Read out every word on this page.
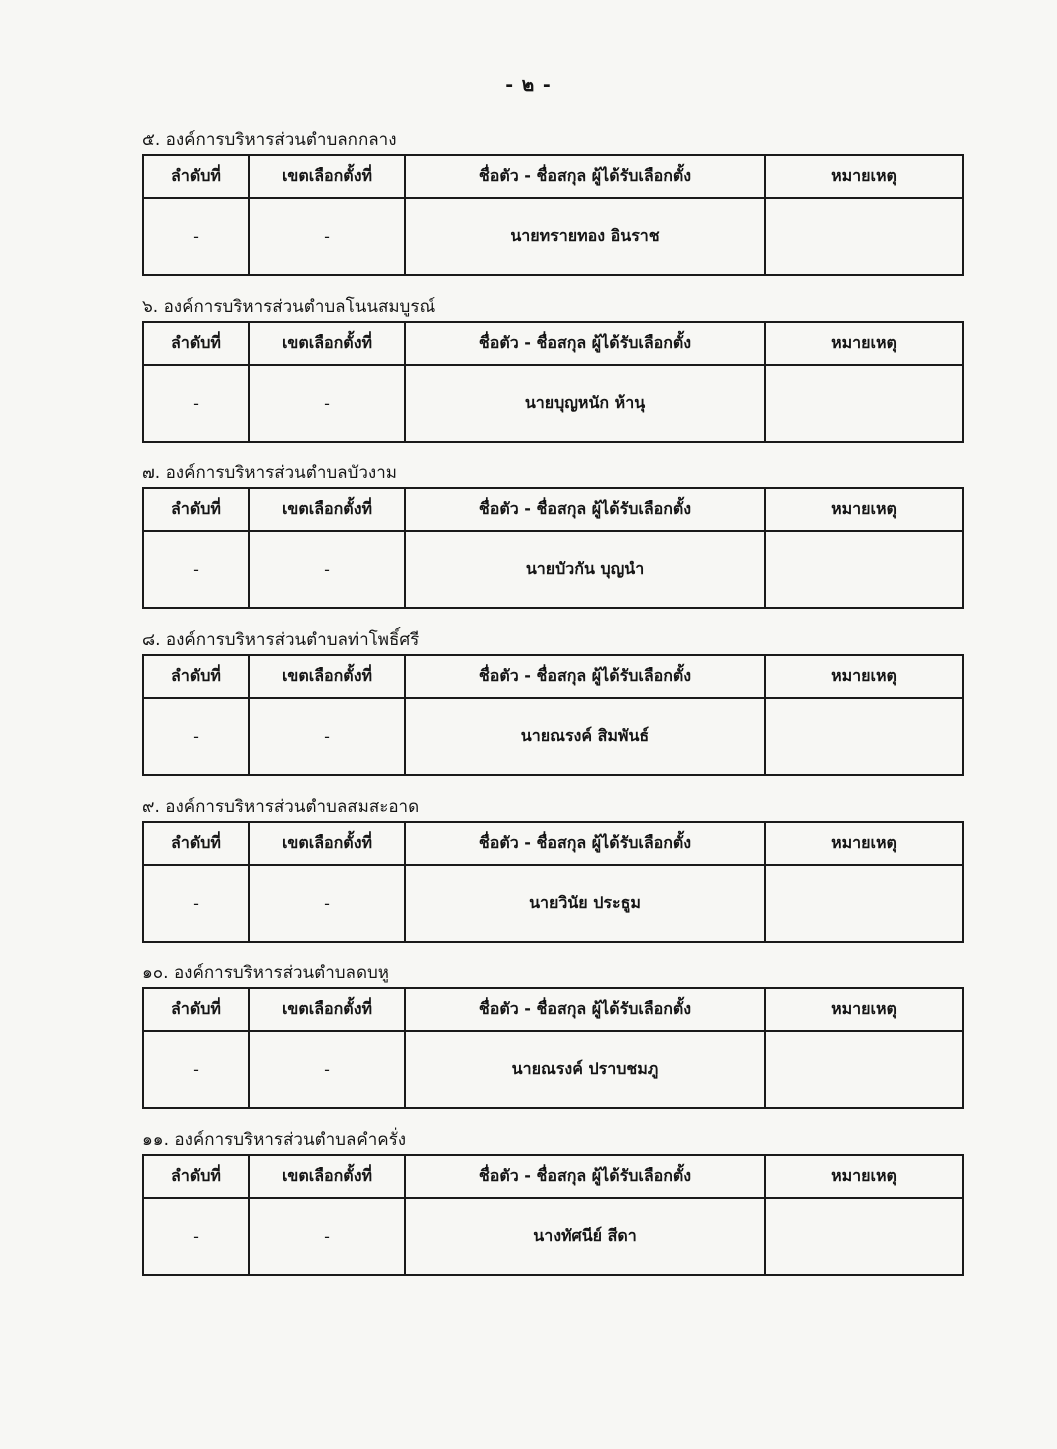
- ๒ -
๕. องค์การบริหารส่วนตำบลกกลาง
ลำดับที่	เขตเลือกตั้งที่	ชื่อตัว - ชื่อสกุล ผู้ได้รับเลือกตั้ง	หมายเหตุ
-	-	นายทรายทอง อินราช	
๖. องค์การบริหารส่วนตำบลโนนสมบูรณ์
ลำดับที่	เขตเลือกตั้งที่	ชื่อตัว - ชื่อสกุล ผู้ได้รับเลือกตั้ง	หมายเหตุ
-	-	นายบุญหนัก ห้านุ	
๗. องค์การบริหารส่วนตำบลบัวงาม
ลำดับที่	เขตเลือกตั้งที่	ชื่อตัว - ชื่อสกุล ผู้ได้รับเลือกตั้ง	หมายเหตุ
-	-	นายบัวกัน บุญนำ	
๘. องค์การบริหารส่วนตำบลท่าโพธิ์ศรี
ลำดับที่	เขตเลือกตั้งที่	ชื่อตัว - ชื่อสกุล ผู้ได้รับเลือกตั้ง	หมายเหตุ
-	-	นายณรงค์ สิมพันธ์	
๙. องค์การบริหารส่วนตำบลสมสะอาด
ลำดับที่	เขตเลือกตั้งที่	ชื่อตัว - ชื่อสกุล ผู้ได้รับเลือกตั้ง	หมายเหตุ
-	-	นายวินัย ประธูม	
๑๐. องค์การบริหารส่วนตำบลดบหู
ลำดับที่	เขตเลือกตั้งที่	ชื่อตัว - ชื่อสกุล ผู้ได้รับเลือกตั้ง	หมายเหตุ
-	-	นายณรงค์ ปราบชมภู	
๑๑. องค์การบริหารส่วนตำบลคำครั่ง
ลำดับที่	เขตเลือกตั้งที่	ชื่อตัว - ชื่อสกุล ผู้ได้รับเลือกตั้ง	หมายเหตุ
-	-	นางทัศนีย์ สีดา	
